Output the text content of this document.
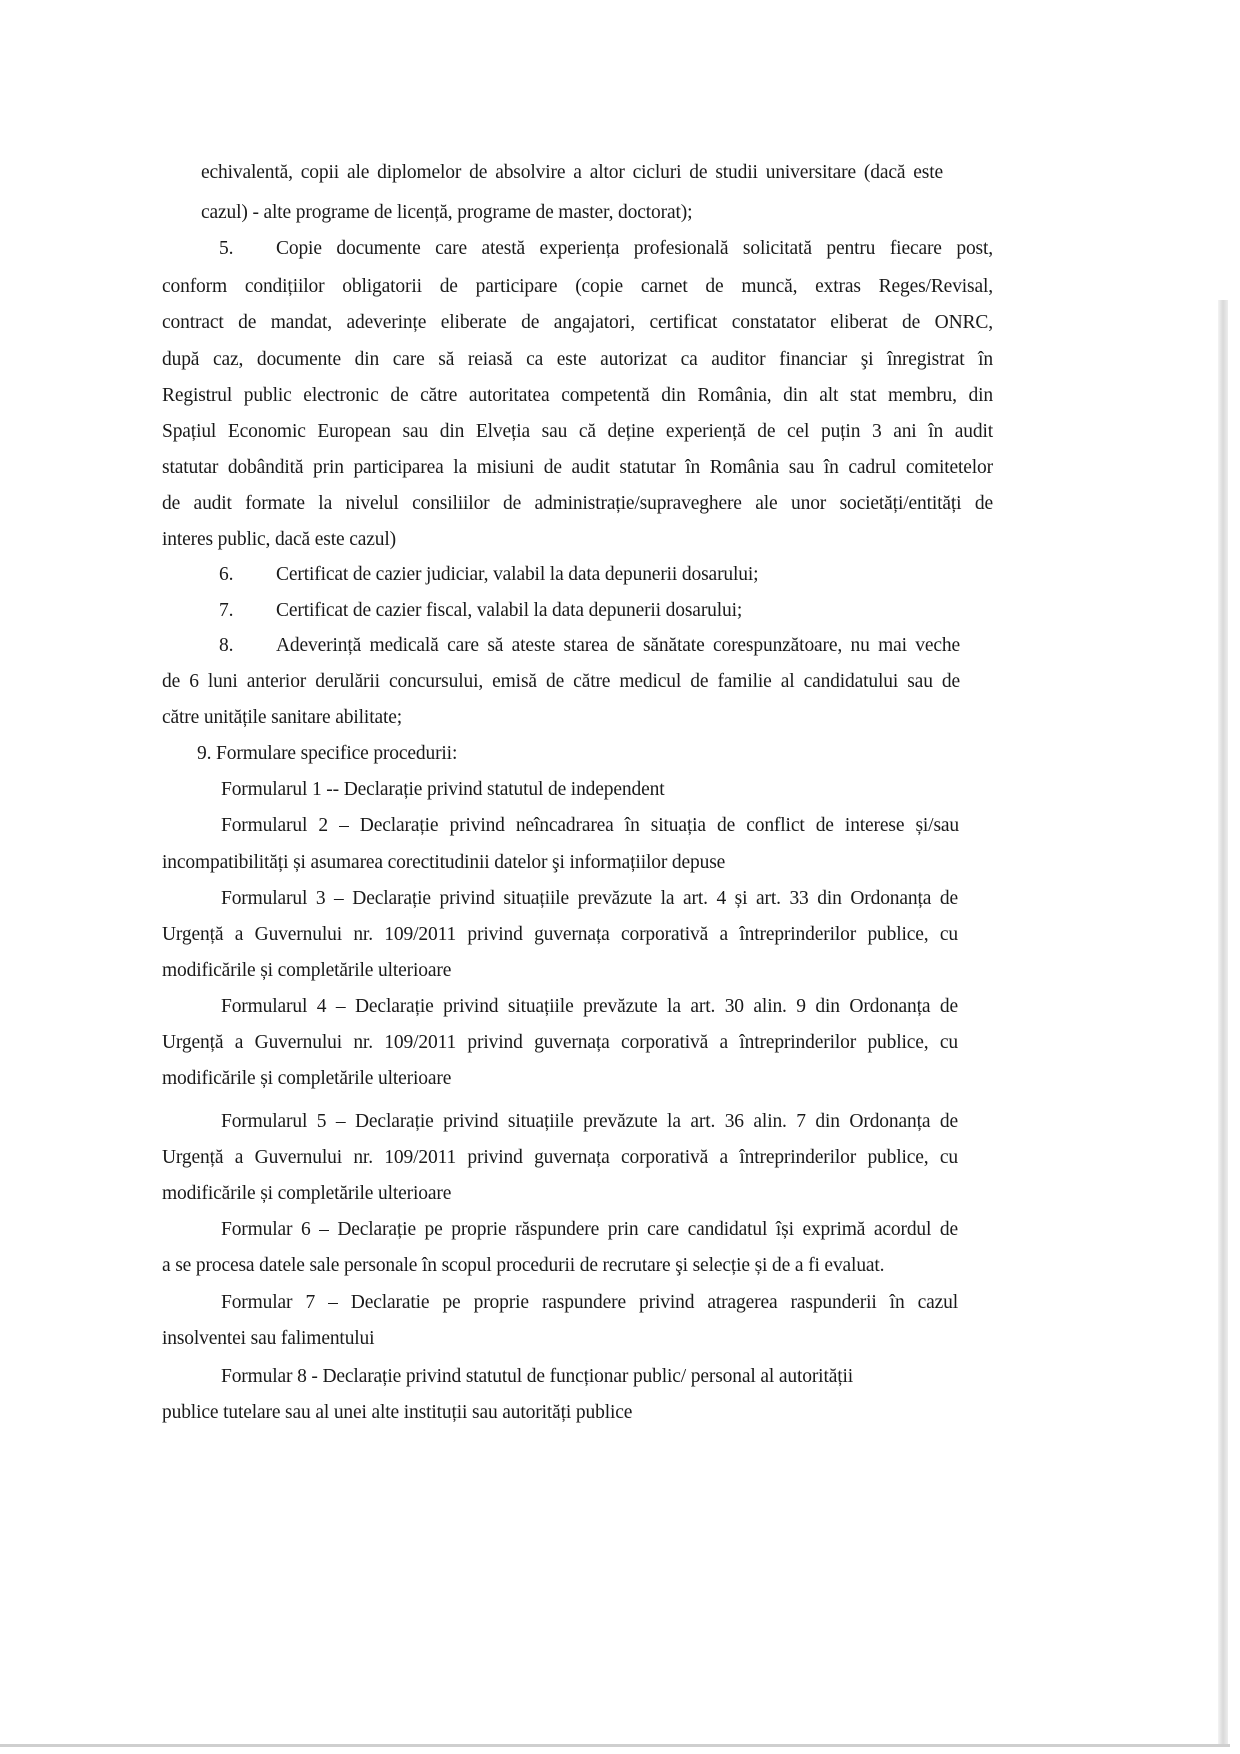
echivalentă, copii ale diplomelor de absolvire a altor cicluri de studii universitare (dacă este
cazul) - alte programe de licență, programe de master, doctorat);
5. Copie documente care atestă experiența profesională solicitată pentru fiecare post,
conform condițiilor obligatorii de participare (copie carnet de muncă, extras Reges/Revisal,
contract de mandat, adeverințe eliberate de angajatori, certificat constatator eliberat de ONRC,
după caz, documente din care să reiasă ca este autorizat ca auditor financiar şi înregistrat în
Registrul public electronic de către autoritatea competentă din România, din alt stat membru, din
Spațiul Economic European sau din Elveția sau că deține experiență de cel puțin 3 ani în audit
statutar dobândită prin participarea la misiuni de audit statutar în România sau în cadrul comitetelor
de audit formate la nivelul consiliilor de administrație/supraveghere ale unor societăți/entități de
interes public, dacă este cazul)
6. Certificat de cazier judiciar, valabil la data depunerii dosarului;
7. Certificat de cazier fiscal, valabil la data depunerii dosarului;
8. Adeverință medicală care să ateste starea de sănătate corespunzătoare, nu mai veche
de 6 luni anterior derulării concursului, emisă de către medicul de familie al candidatului sau de
către unitățile sanitare abilitate;
9. Formulare specifice procedurii:
Formularul 1 -- Declarație privind statutul de independent
Formularul 2 – Declarație privind neîncadrarea în situația de conflict de interese și/sau
incompatibilități și asumarea corectitudinii datelor şi informațiilor depuse
Formularul 3 – Declarație privind situațiile prevăzute la art. 4 și art. 33 din Ordonanța de
Urgență a Guvernului nr. 109/2011 privind guvernața corporativă a întreprinderilor publice, cu
modificările și completările ulterioare
Formularul 4 – Declarație privind situațiile prevăzute la art. 30 alin. 9 din Ordonanța de
Urgență a Guvernului nr. 109/2011 privind guvernața corporativă a întreprinderilor publice, cu
modificările și completările ulterioare
Formularul 5 – Declarație privind situațiile prevăzute la art. 36 alin. 7 din Ordonanța de
Urgență a Guvernului nr. 109/2011 privind guvernața corporativă a întreprinderilor publice, cu
modificările și completările ulterioare
Formular 6 – Declarație pe proprie răspundere prin care candidatul își exprimă acordul de
a se procesa datele sale personale în scopul procedurii de recrutare şi selecție și de a fi evaluat.
Formular 7 – Declaratie pe proprie raspundere privind atragerea raspunderii în cazul
insolventei sau falimentului
Formular 8 - Declarație privind statutul de funcționar public/ personal al autorității
publice tutelare sau al unei alte instituții sau autorități publice
